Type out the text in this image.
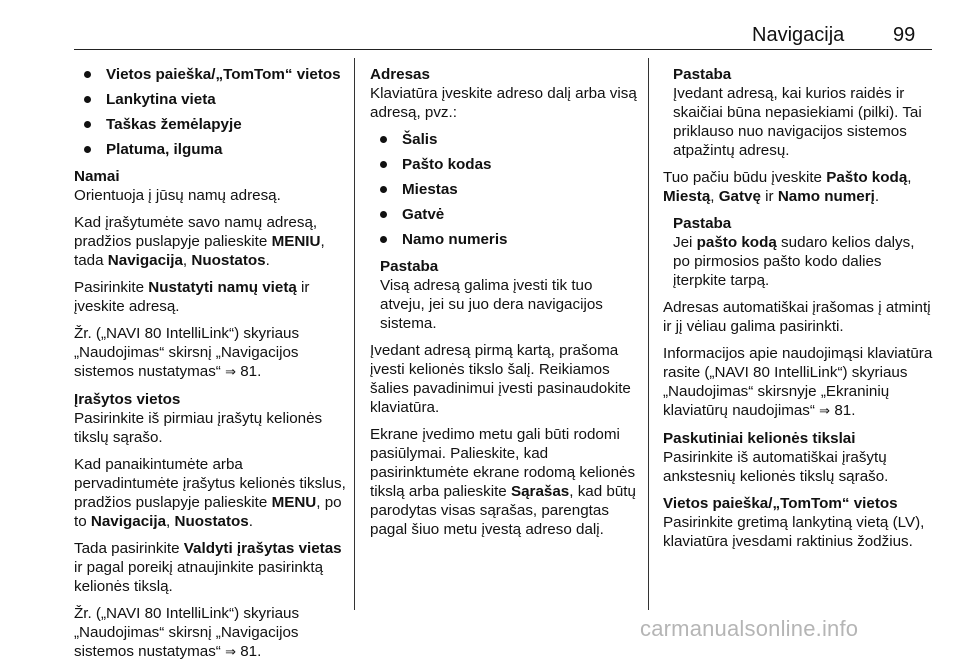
Navigacija 99
Vietos paieška/„TomTom“ vietos
Lankytina vieta
Taškas žemėlapyje
Platuma, ilguma

Namai

Orientuoja į jūsų namų adresą.

Kad įrašytumėte savo namų adresą, pradžios puslapyje palieskite MENIU, tada Navigacija, Nuostatos.

Pasirinkite Nustatyti namų vietą ir įveskite adresą.

Žr. („NAVI 80 IntelliLink“) skyriaus „Naudojimas“ skirsnį „Navigacijos sistemos nustatymas“ ⇒ 81.

Įrašytos vietos

Pasirinkite iš pirmiau įrašytų kelionės tikslų sąrašo.

Kad panaikintumėte arba pervadintumėte įrašytus kelionės tikslus, pradžios puslapyje palieskite MENU, po to Navigacija, Nuostatos.

Tada pasirinkite Valdyti įrašytas vietas ir pagal poreikį atnaujinkite pasirinktą kelionės tikslą.

Žr. („NAVI 80 IntelliLink“) skyriaus „Naudojimas“ skirsnį „Navigacijos sistemos nustatymas“ ⇒ 81.

Adresas

Klaviatūra įveskite adreso dalį arba visą adresą, pvz.:

Šalis
Pašto kodas
Miestas
Gatvė
Namo numeris
Pastaba
Visą adresą galima įvesti tik tuo atveju, jei su juo dera navigacijos sistema.

Įvedant adresą pirmą kartą, prašoma įvesti kelionės tikslo šalį. Reikiamos šalies pavadinimui įvesti pasinaudokite klaviatūra.

Ekrane įvedimo metu gali būti rodomi pasiūlymai. Palieskite, kad pasirinktumėte ekrane rodomą kelionės tikslą arba palieskite Sąrašas, kad būtų parodytas visas sąrašas, parengtas pagal šiuo metu įvestą adreso dalį.

Pastaba
Įvedant adresą, kai kurios raidės ir skaičiai būna nepasiekiami (pilki). Tai priklauso nuo navigacijos sistemos atpažintų adresų.

Tuo pačiu būdu įveskite Pašto kodą, Miestą, Gatvę ir Namo numerį.

Pastaba
Jei pašto kodą sudaro kelios dalys, po pirmosios pašto kodo dalies įterpkite tarpą.

Adresas automatiškai įrašomas į atmintį ir jį vėliau galima pasirinkti.

Informacijos apie naudojimąsi klaviatūra rasite („NAVI 80 IntelliLink“) skyriaus „Naudojimas“ skirsnyje „Ekraninių klaviatūrų naudojimas“ ⇒ 81.

Paskutiniai kelionės tikslai

Pasirinkite iš automatiškai įrašytų ankstesnių kelionės tikslų sąrašo.

Vietos paieška/„TomTom“ vietos

Pasirinkite gretimą lankytiną vietą (LV), klaviatūra įvesdami raktinius žodžius.

carmanualsonline.info
